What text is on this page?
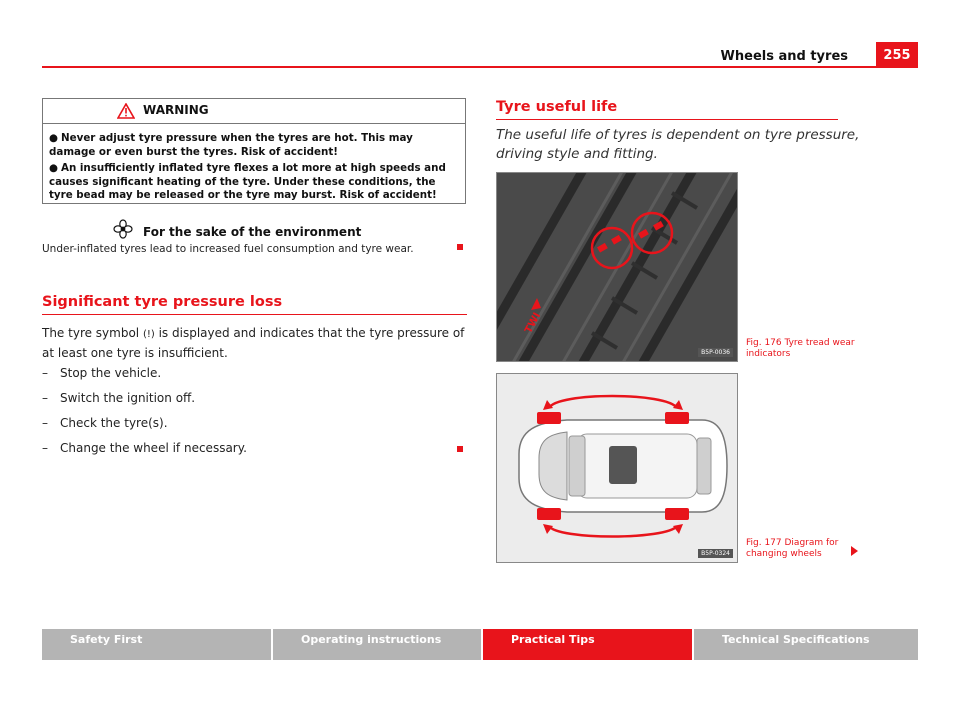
Wheels and tyres	255
WARNING
● Never adjust tyre pressure when the tyres are hot. This may damage or even burst the tyres. Risk of accident!
● An insufficiently inflated tyre flexes a lot more at high speeds and causes significant heating of the tyre. Under these conditions, the tyre bead may be released or the tyre may burst. Risk of accident!
For the sake of the environment
Under-inflated tyres lead to increased fuel consumption and tyre wear.
Significant tyre pressure loss
The tyre symbol (!) is displayed and indicates that the tyre pressure of at least one tyre is insufficient.
– Stop the vehicle.
– Switch the ignition off.
– Check the tyre(s).
– Change the wheel if necessary.
Tyre useful life
The useful life of tyres is dependent on tyre pressure, driving style and fitting.
TWI
B5P-0036
Fig. 176 Tyre tread wear indicators
B5P-0324
Fig. 177 Diagram for changing wheels
Safety First	Operating instructions	Practical Tips	Technical Specifications
